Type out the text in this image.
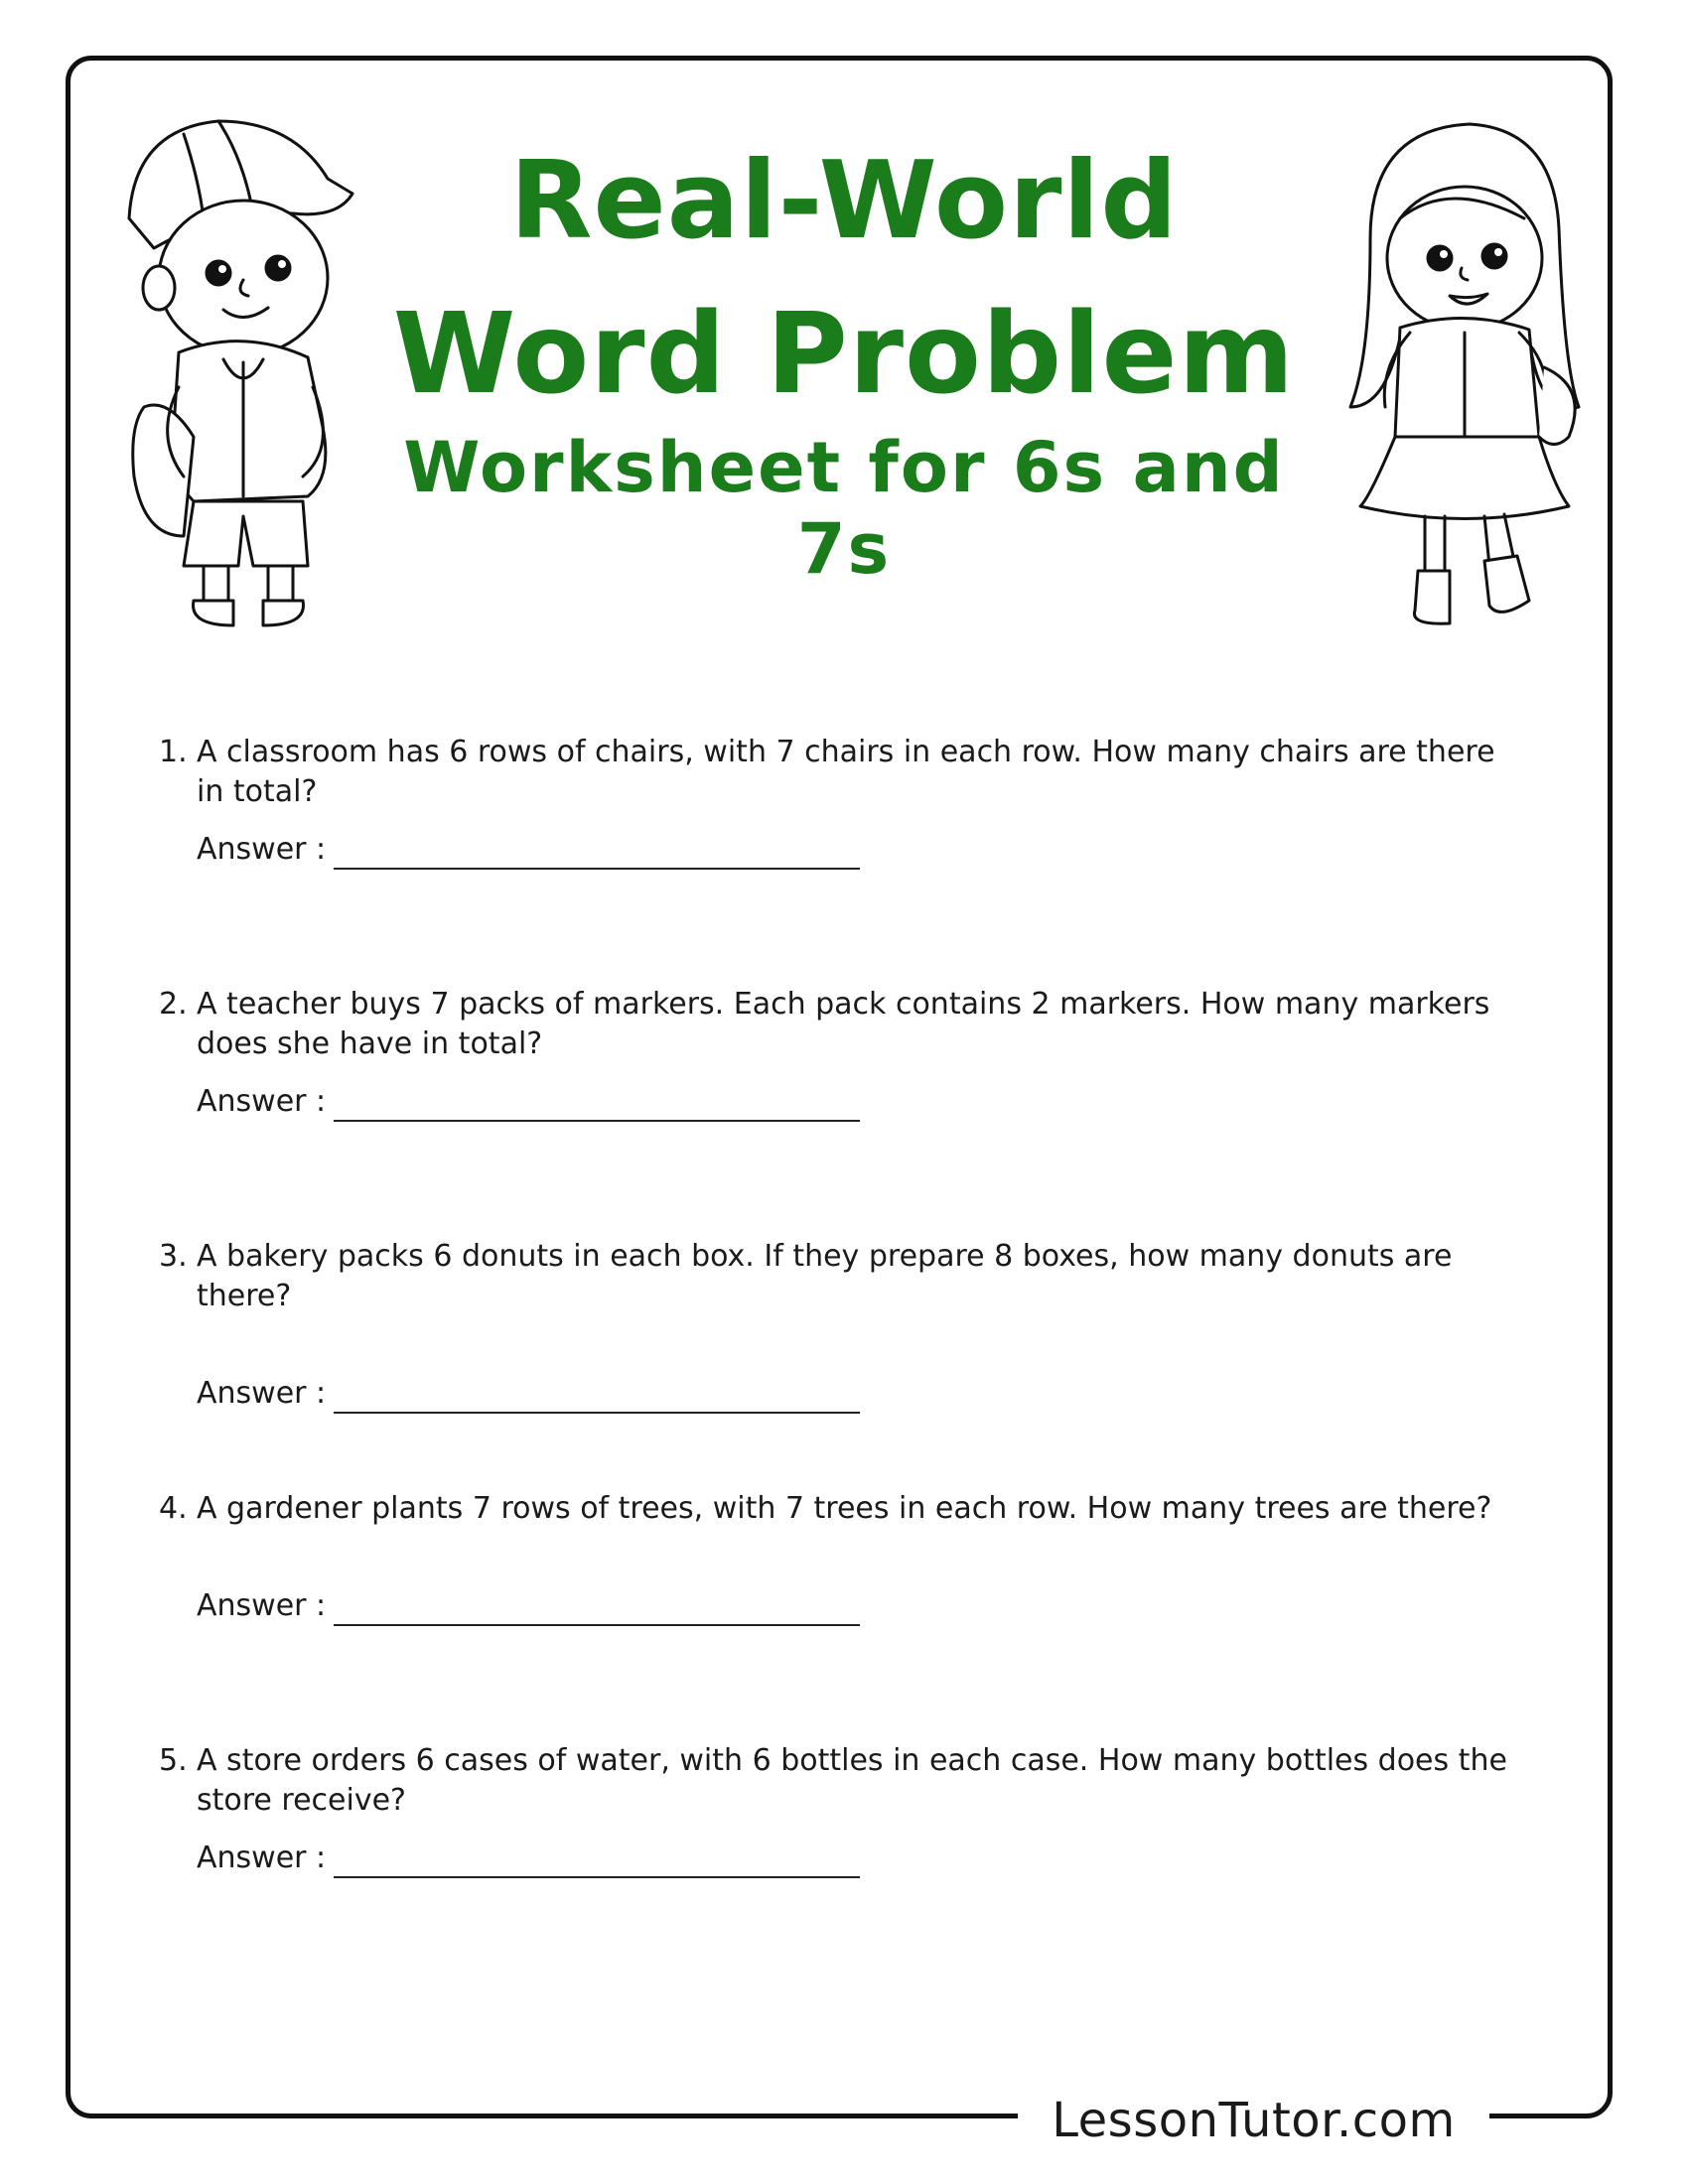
Real-World
Word Problem
Worksheet for 6s and 7s
1. A classroom has 6 rows of chairs, with 7 chairs in each row. How many chairs are there in total?
Answer :
2. A teacher buys 7 packs of markers. Each pack contains 2 markers. How many markers does she have in total?
Answer :
3. A bakery packs 6 donuts in each box. If they prepare 8 boxes, how many donuts are there?
Answer :
4. A gardener plants 7 rows of trees, with 7 trees in each row. How many trees are there?
Answer :
5. A store orders 6 cases of water, with 6 bottles in each case. How many bottles does the store receive?
Answer :
LessonTutor.com
